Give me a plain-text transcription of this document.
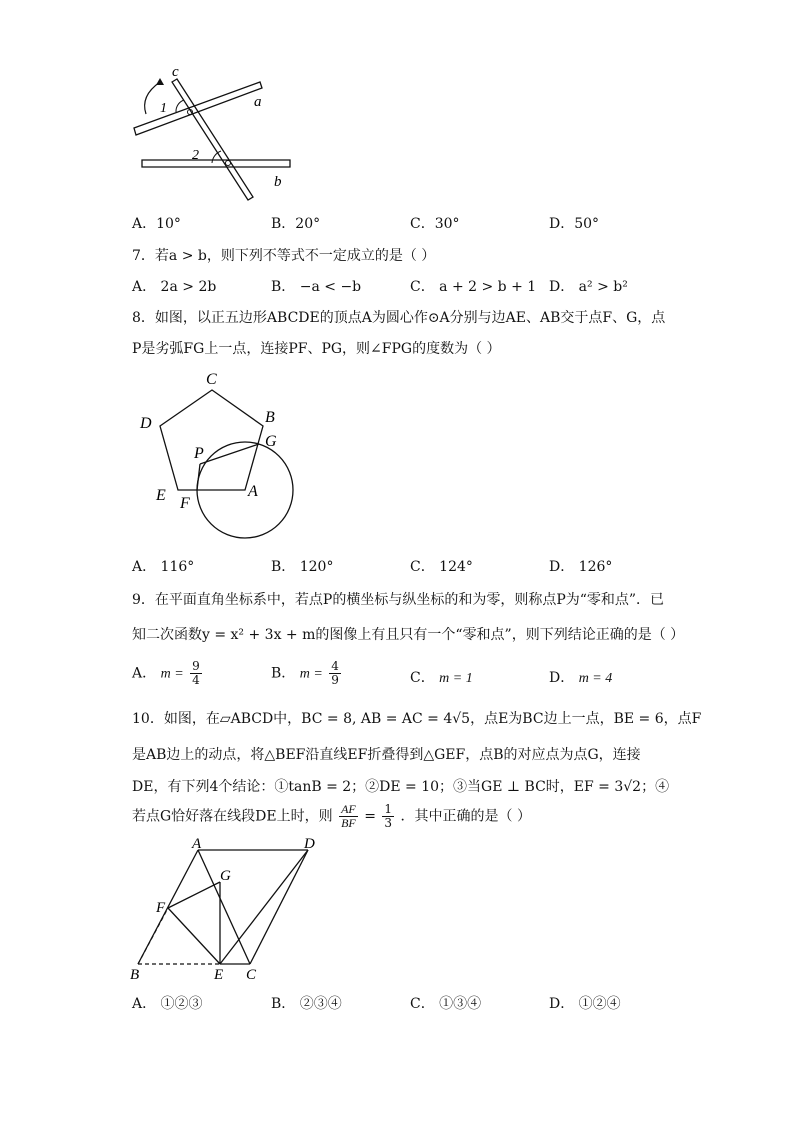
c
a
b
1
2
A．10°	B．20°	C．30°	D．50°
7．若a > b，则下列不等式不一定成立的是（ ）
A． 2a > 2b	B． −a < −b	C． a + 2 > b + 1 D． a² > b²
8．如图，以正五边形ABCDE的顶点A为圆心作⊙A分别与边AE、AB交于点F、G，点
P是劣弧FG上一点，连接PF、PG，则∠FPG的度数为（ ）
C
D	B
G
P
E F
A
A． 116°	B． 120°	C． 124°	D． 126°
9．在平面直角坐标系中，若点P的横坐标与纵坐标的和为零，则称点P为“零和点”．已
知二次函数y = x² + 3x + m的图像上有且只有一个“零和点”，则下列结论正确的是（ ）
A． $m = \frac{9}{4}$	B． $m = \frac{4}{9}$	C． m = 1	D． m = 4
10．如图，在▱ABCD中，BC = 8, AB = AC = 4√5，点E为BC边上一点，BE = 6，点F
是AB边上的动点，将△BEF沿直线EF折叠得到△GEF，点B的对应点为点G，连接
DE，有下列4个结论：①tanB = 2；②DE = 10；③当GE ⊥ BC时，EF = 3√2；④
若点G恰好落在线段DE上时，则 $\frac{AF}{BF} = \frac{1}{3}$ ．其中正确的是（ ）
A	D
G
F
B	E C
A． ①②③	B． ②③④	C． ①③④	D． ①②④
